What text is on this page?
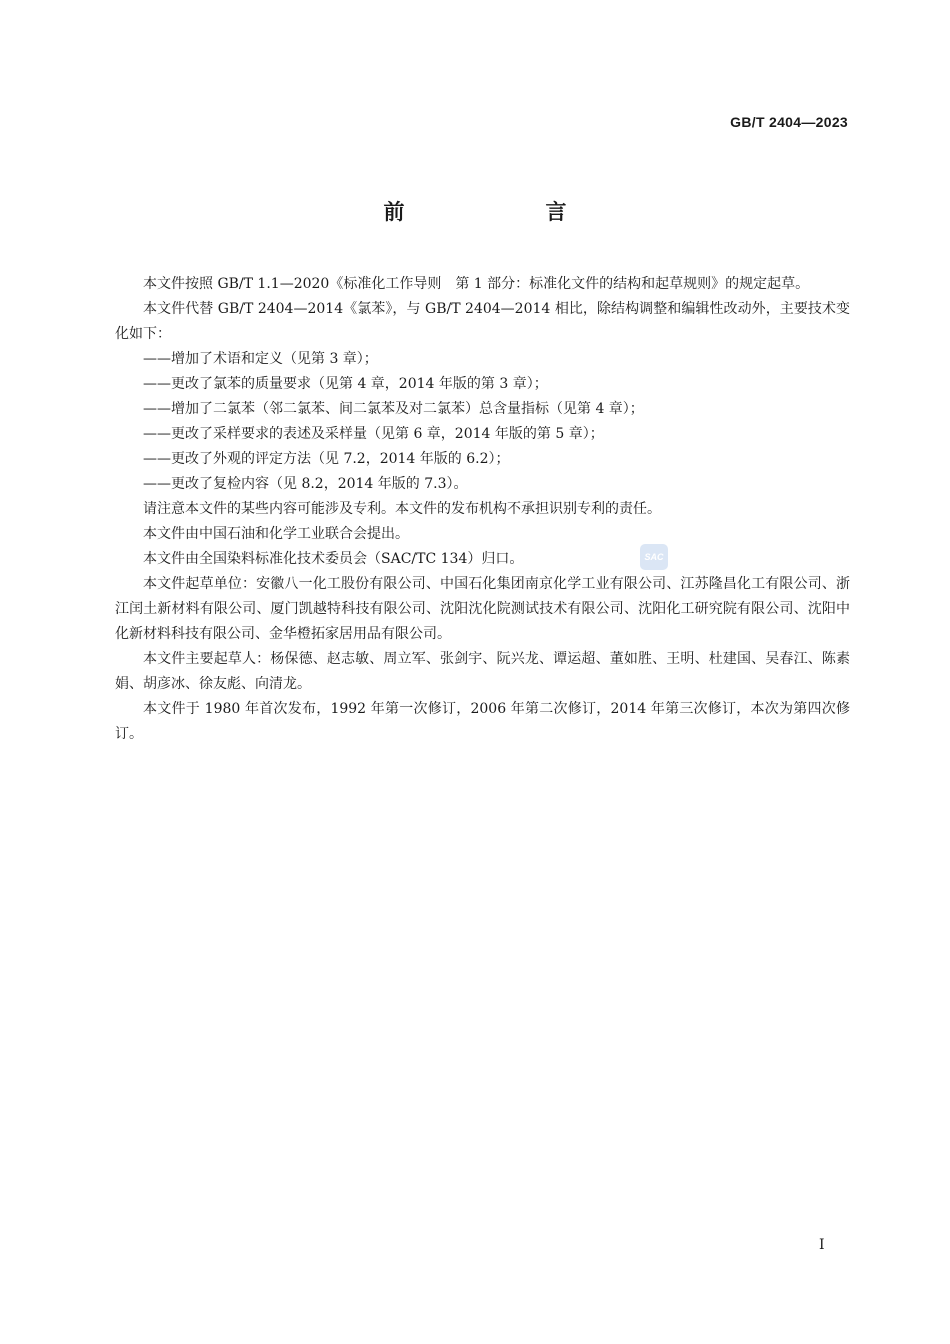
GB/T 2404—2023
前　言

本文件按照 GB/T 1.1—2020《标准化工作导则　第 1 部分：标准化文件的结构和起草规则》的规定起草。

本文件代替 GB/T 2404—2014《氯苯》，与 GB/T 2404—2014 相比，除结构调整和编辑性改动外，主要技术变化如下：

——增加了术语和定义（见第 3 章）；

——更改了氯苯的质量要求（见第 4 章，2014 年版的第 3 章）；

——增加了二氯苯（邻二氯苯、间二氯苯及对二氯苯）总含量指标（见第 4 章）；

——更改了采样要求的表述及采样量（见第 6 章，2014 年版的第 5 章）；

——更改了外观的评定方法（见 7.2，2014 年版的 6.2）；

——更改了复检内容（见 8.2，2014 年版的 7.3）。

请注意本文件的某些内容可能涉及专利。本文件的发布机构不承担识别专利的责任。

本文件由中国石油和化学工业联合会提出。

本文件由全国染料标准化技术委员会（SAC/TC 134）归口。

本文件起草单位：安徽八一化工股份有限公司、中国石化集团南京化学工业有限公司、江苏隆昌化工有限公司、浙江闰土新材料有限公司、厦门凯越特科技有限公司、沈阳沈化院测试技术有限公司、沈阳化工研究院有限公司、沈阳中化新材料科技有限公司、金华橙拓家居用品有限公司。

本文件主要起草人：杨保德、赵志敏、周立军、张剑宇、阮兴龙、谭运超、董如胜、王明、杜建国、吴春江、陈素娟、胡彦冰、徐友彪、向清龙。

本文件于 1980 年首次发布，1992 年第一次修订，2006 年第二次修订，2014 年第三次修订，本次为第四次修订。

SAC
I
